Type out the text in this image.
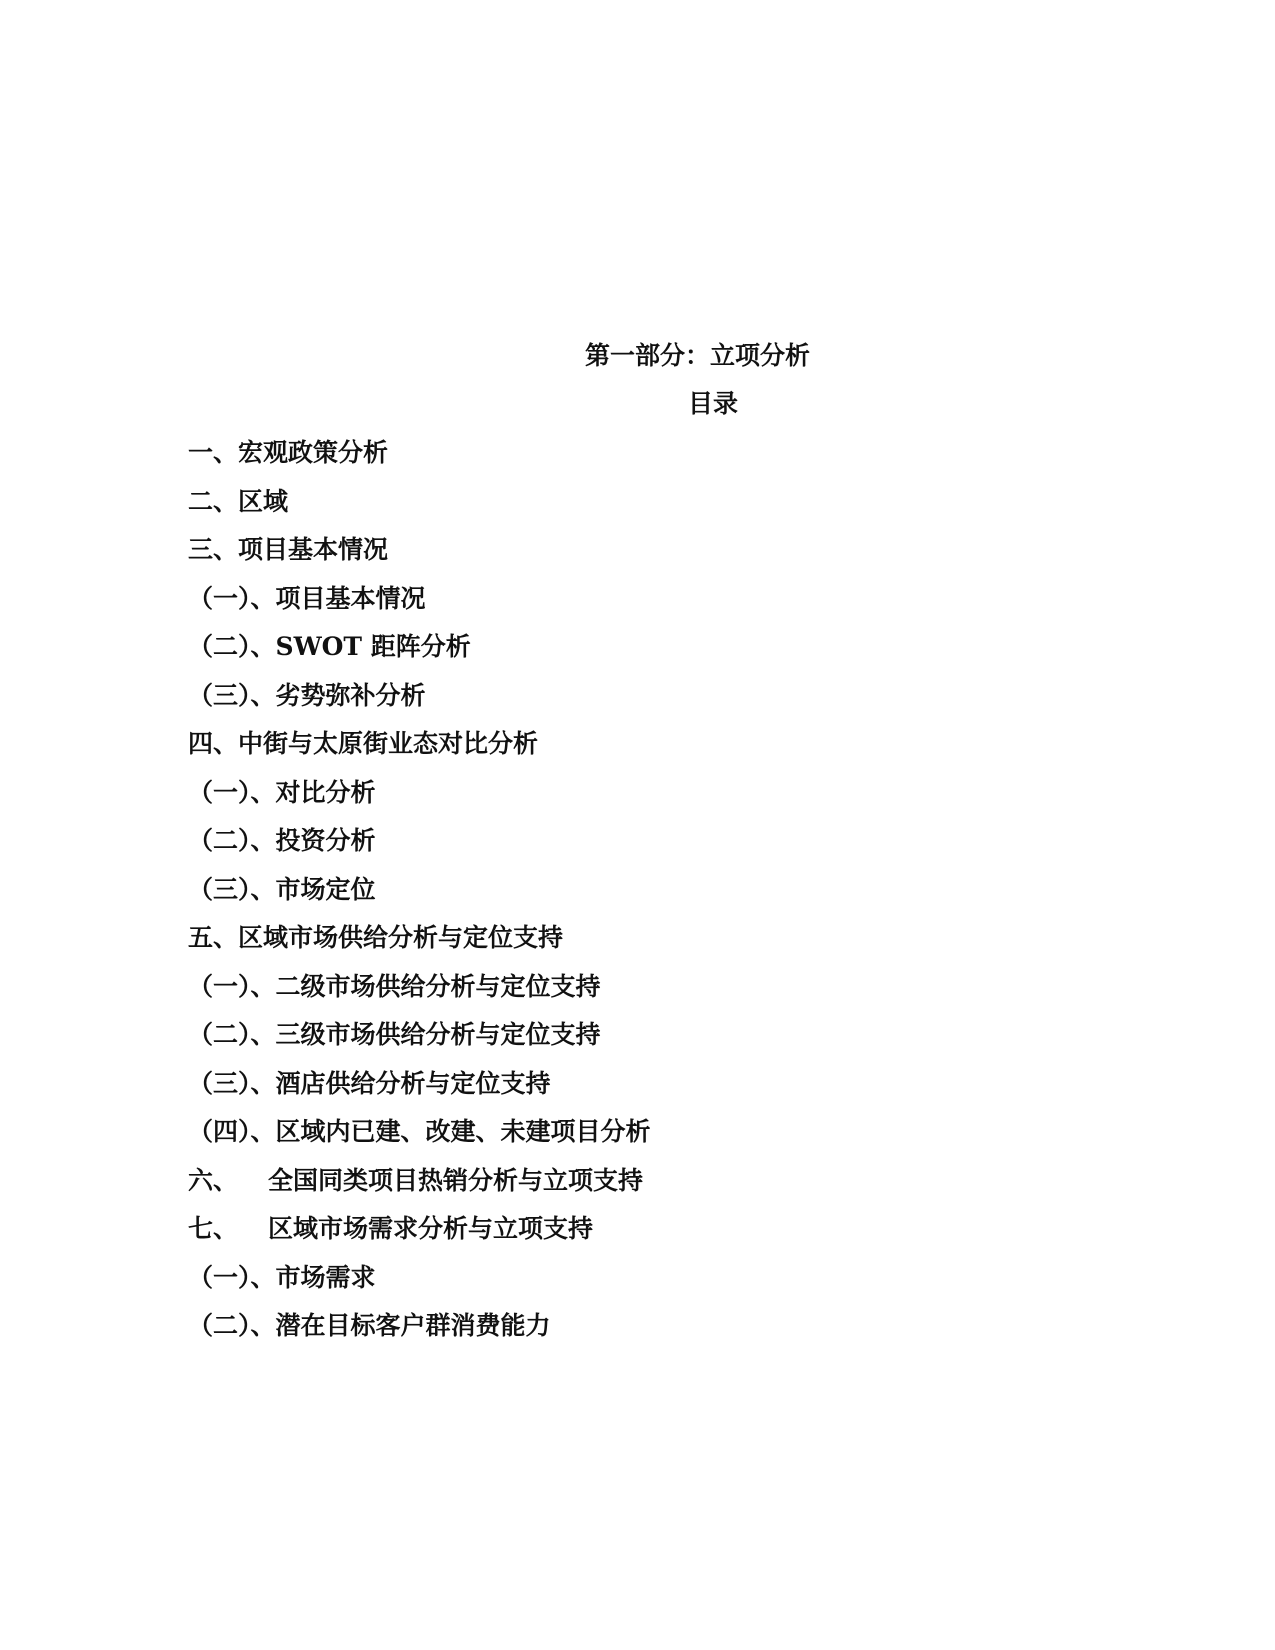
第一部分：立项分析
目录
一、宏观政策分析
二、区域
三、项目基本情况
（一）、项目基本情况
（二）、SWOT 距阵分析
（三）、劣势弥补分析
四、中街与太原街业态对比分析
（一）、对比分析
（二）、投资分析
（三）、市场定位
五、区域市场供给分析与定位支持
（一）、二级市场供给分析与定位支持
（二）、三级市场供给分析与定位支持
（三）、酒店供给分析与定位支持
（四）、区域内已建、改建、未建项目分析
六、 全国同类项目热销分析与立项支持
七、 区域市场需求分析与立项支持
（一）、市场需求
（二）、潜在目标客户群消费能力
